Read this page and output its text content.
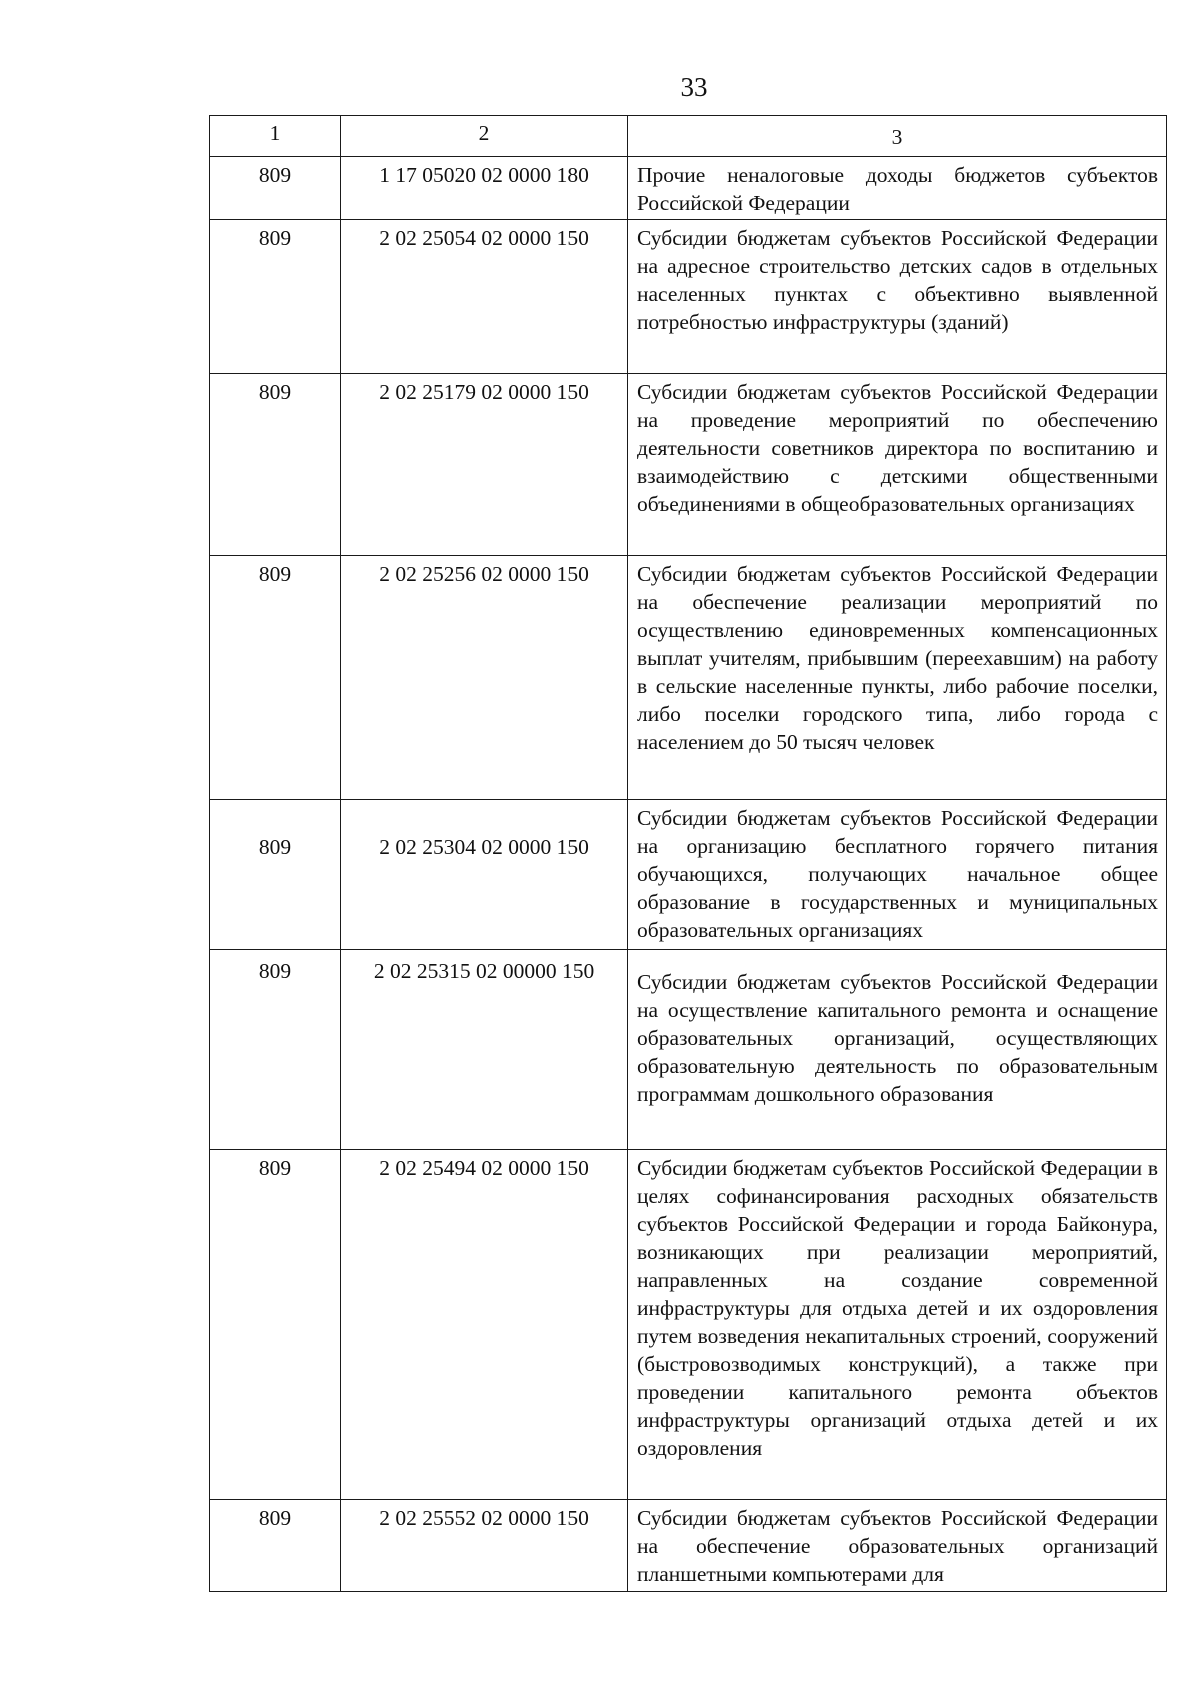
33
1	2	3
809	1 17 05020 02 0000 180	Прочие неналоговые доходы бюджетов субъектов Российской Федерации

809	2 02 25054 02 0000 150	Субсидии бюджетам субъектов Российской Федерации на адресное строительство детских садов в отдельных населенных пунктах с объективно выявленной потребностью инфраструктуры (зданий)

809	2 02 25179 02 0000 150	Субсидии бюджетам субъектов Российской Федерации на проведение мероприятий по обеспечению деятельности советников директора по воспитанию и взаимодействию с детскими общественными объединениями в общеобразовательных организациях

809	2 02 25256 02 0000 150	Субсидии бюджетам субъектов Российской Федерации на обеспечение реализации мероприятий по осуществлению единовременных компенсационных выплат учителям, прибывшим (переехавшим) на работу в сельские населенные пункты, либо рабочие поселки, либо поселки городского типа, либо города с населением до 50 тысяч человек

809	2 02 25304 02 0000 150	Субсидии бюджетам субъектов Российской Федерации на организацию бесплатного горячего питания обучающихся, получающих начальное общее образование в государственных и муниципальных образовательных организациях

809	2 02 25315 02 00000 150	Субсидии бюджетам субъектов Российской Федерации на осуществление капитального ремонта и оснащение образовательных организаций, осуществляющих образовательную деятельность по образовательным программам дошкольного образования

809	2 02 25494 02 0000 150	Субсидии бюджетам субъектов Российской Федерации в целях софинансирования расходных обязательств субъектов Российской Федерации и города Байконура, возникающих при реализации мероприятий, направленных на создание современной инфраструктуры для отдыха детей и их оздоровления путем возведения некапитальных строений, сооружений (быстровозводимых конструкций), а также при проведении капитального ремонта объектов инфраструктуры организаций отдыха детей и их оздоровления

809	2 02 25552 02 0000 150	Субсидии бюджетам субъектов Российской Федерации на обеспечение образовательных организаций планшетными компьютерами для
